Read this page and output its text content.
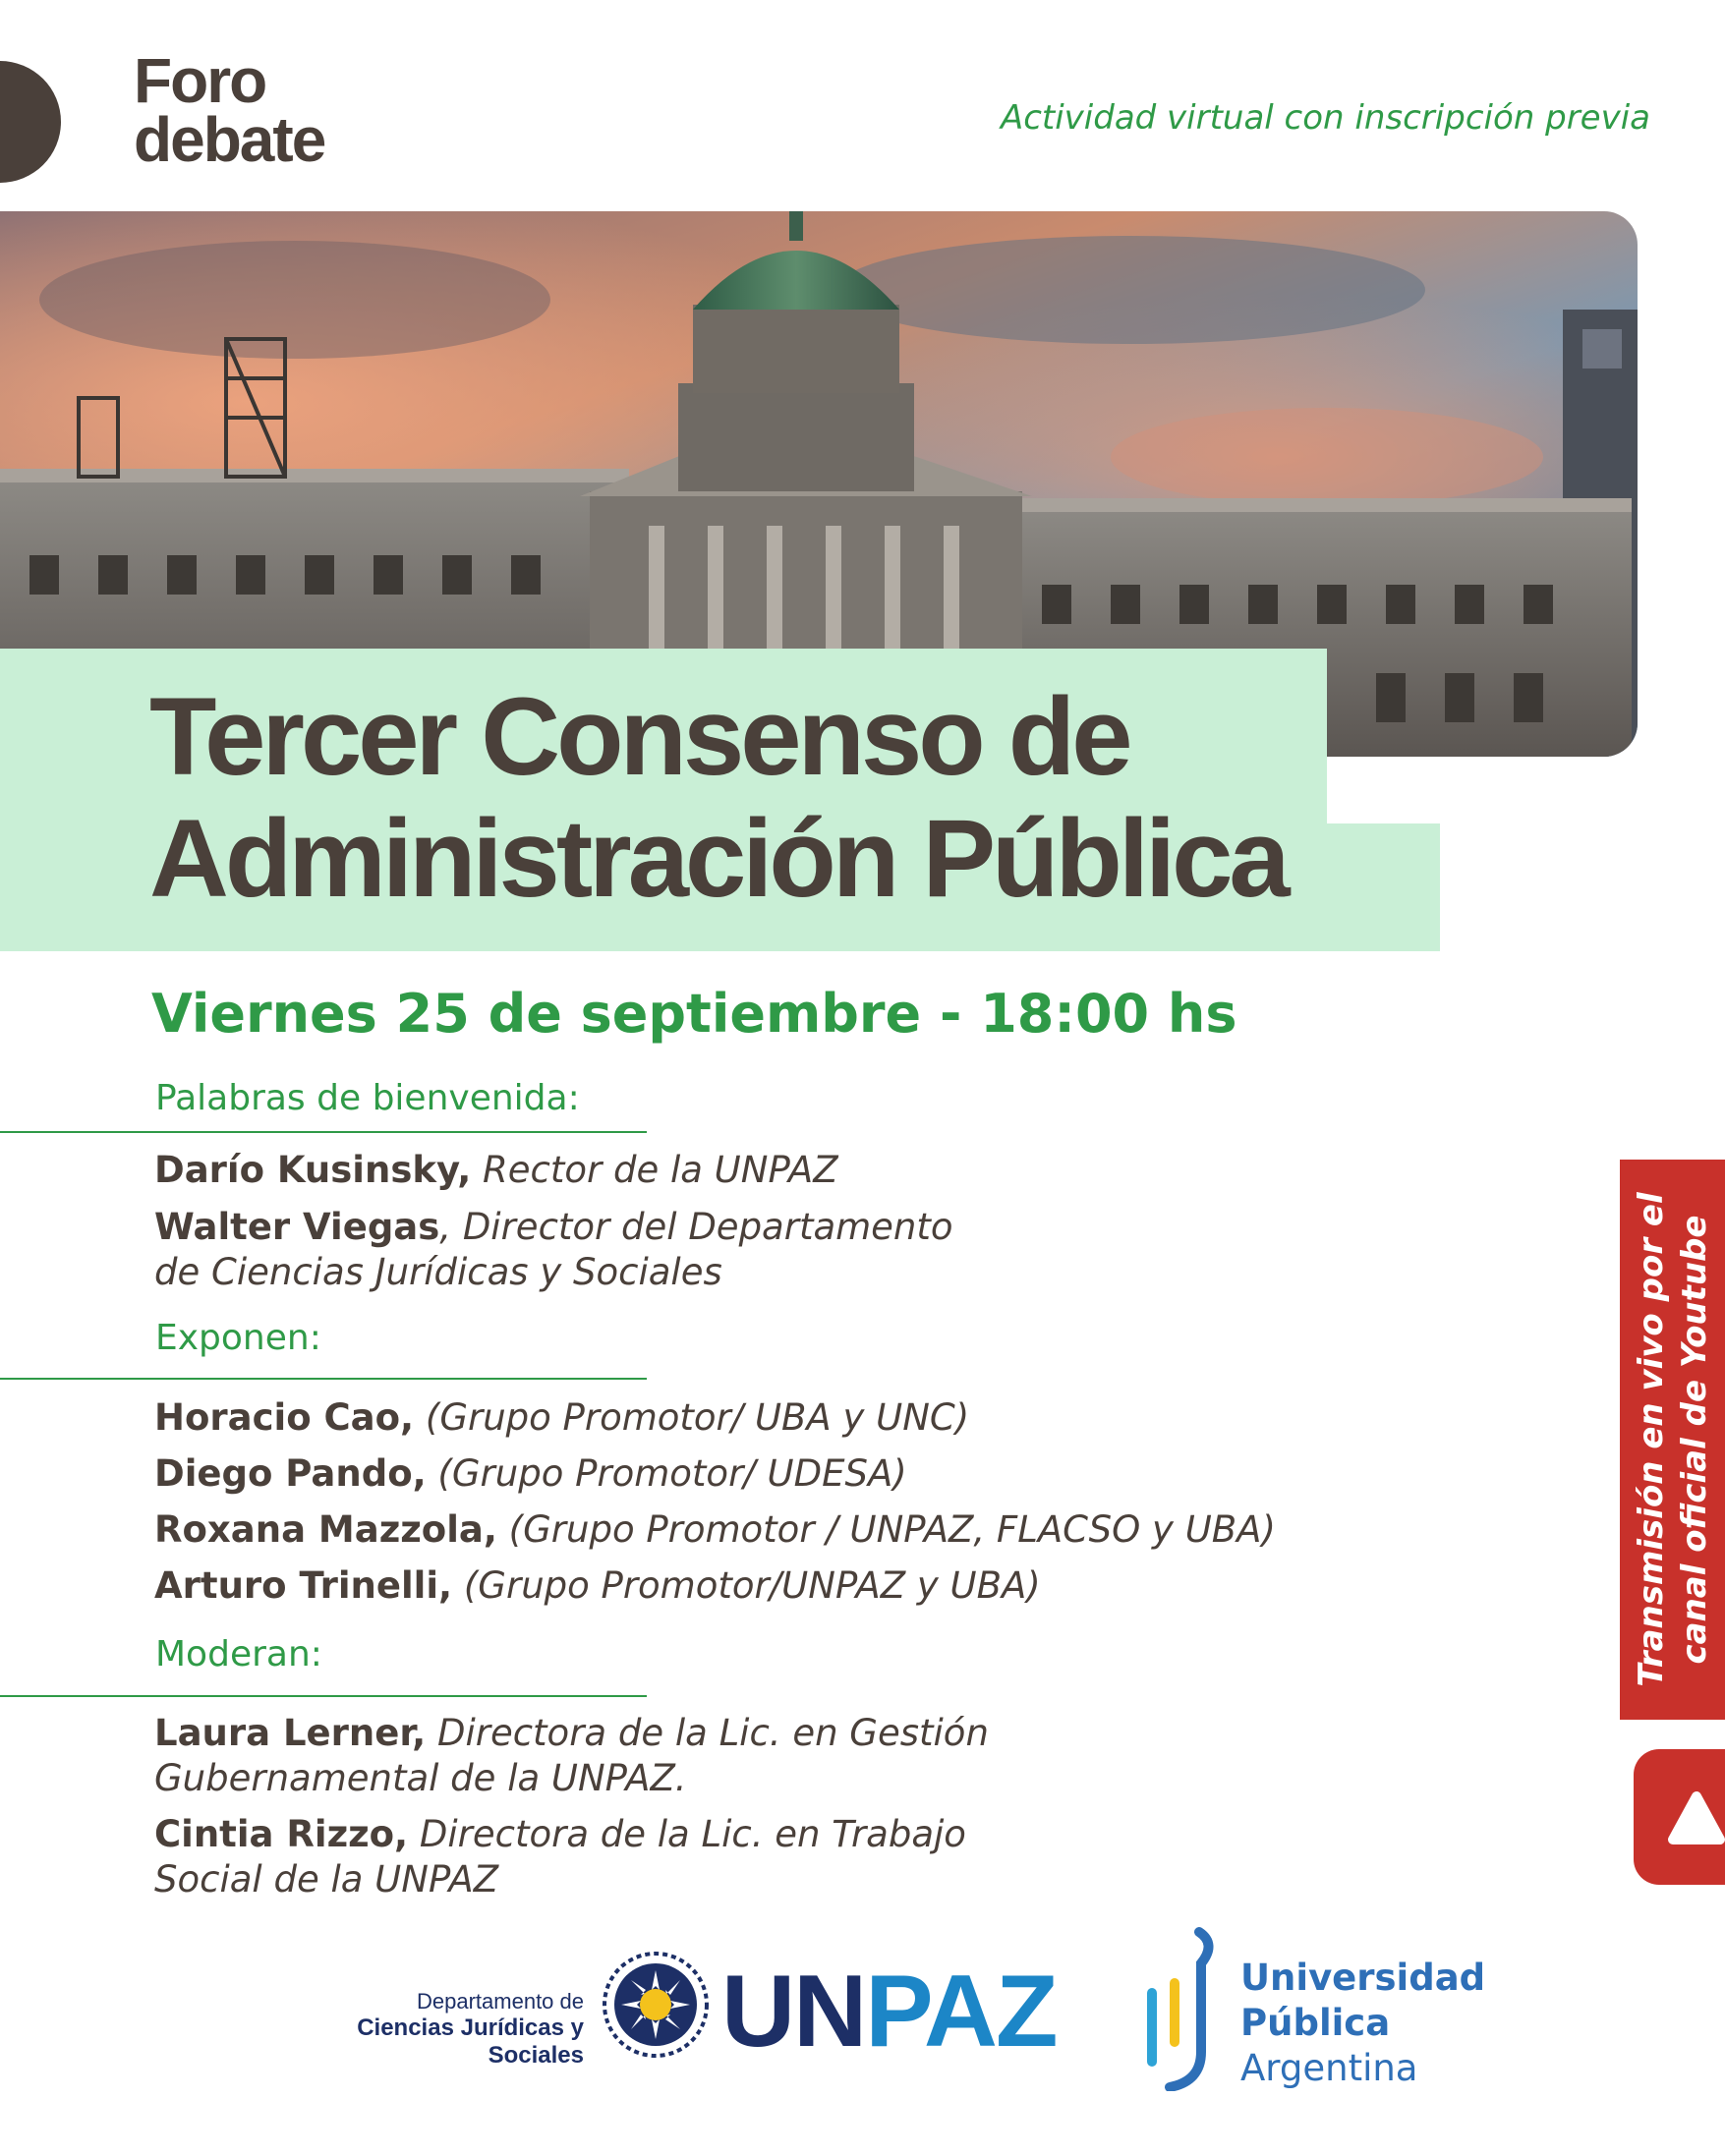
Foro
debate	Actividad virtual con inscripción previa
Tercer Consenso de
Administración Pública
Viernes 25 de septiembre - 18:00 hs
Palabras de bienvenida:
Darío Kusinsky, Rector de la UNPAZ
Walter Viegas, Director del Departamento
de Ciencias Jurídicas y Sociales
Exponen:
Horacio Cao, (Grupo Promotor/ UBA y UNC)
Diego Pando, (Grupo Promotor/ UDESA)
Roxana Mazzola, (Grupo Promotor / UNPAZ, FLACSO y UBA)
Arturo Trinelli, (Grupo Promotor/UNPAZ y UBA)
Moderan:
Laura Lerner, Directora de la Lic. en Gestión
Gubernamental de la UNPAZ.
Cintia Rizzo, Directora de la Lic. en Trabajo
Social de la UNPAZ
Transmisión en vivo por el canal oficial de Youtube
Departamento de
Ciencias Jurídicas y Sociales UNPAZ	Universidad
Pública
Argentina
